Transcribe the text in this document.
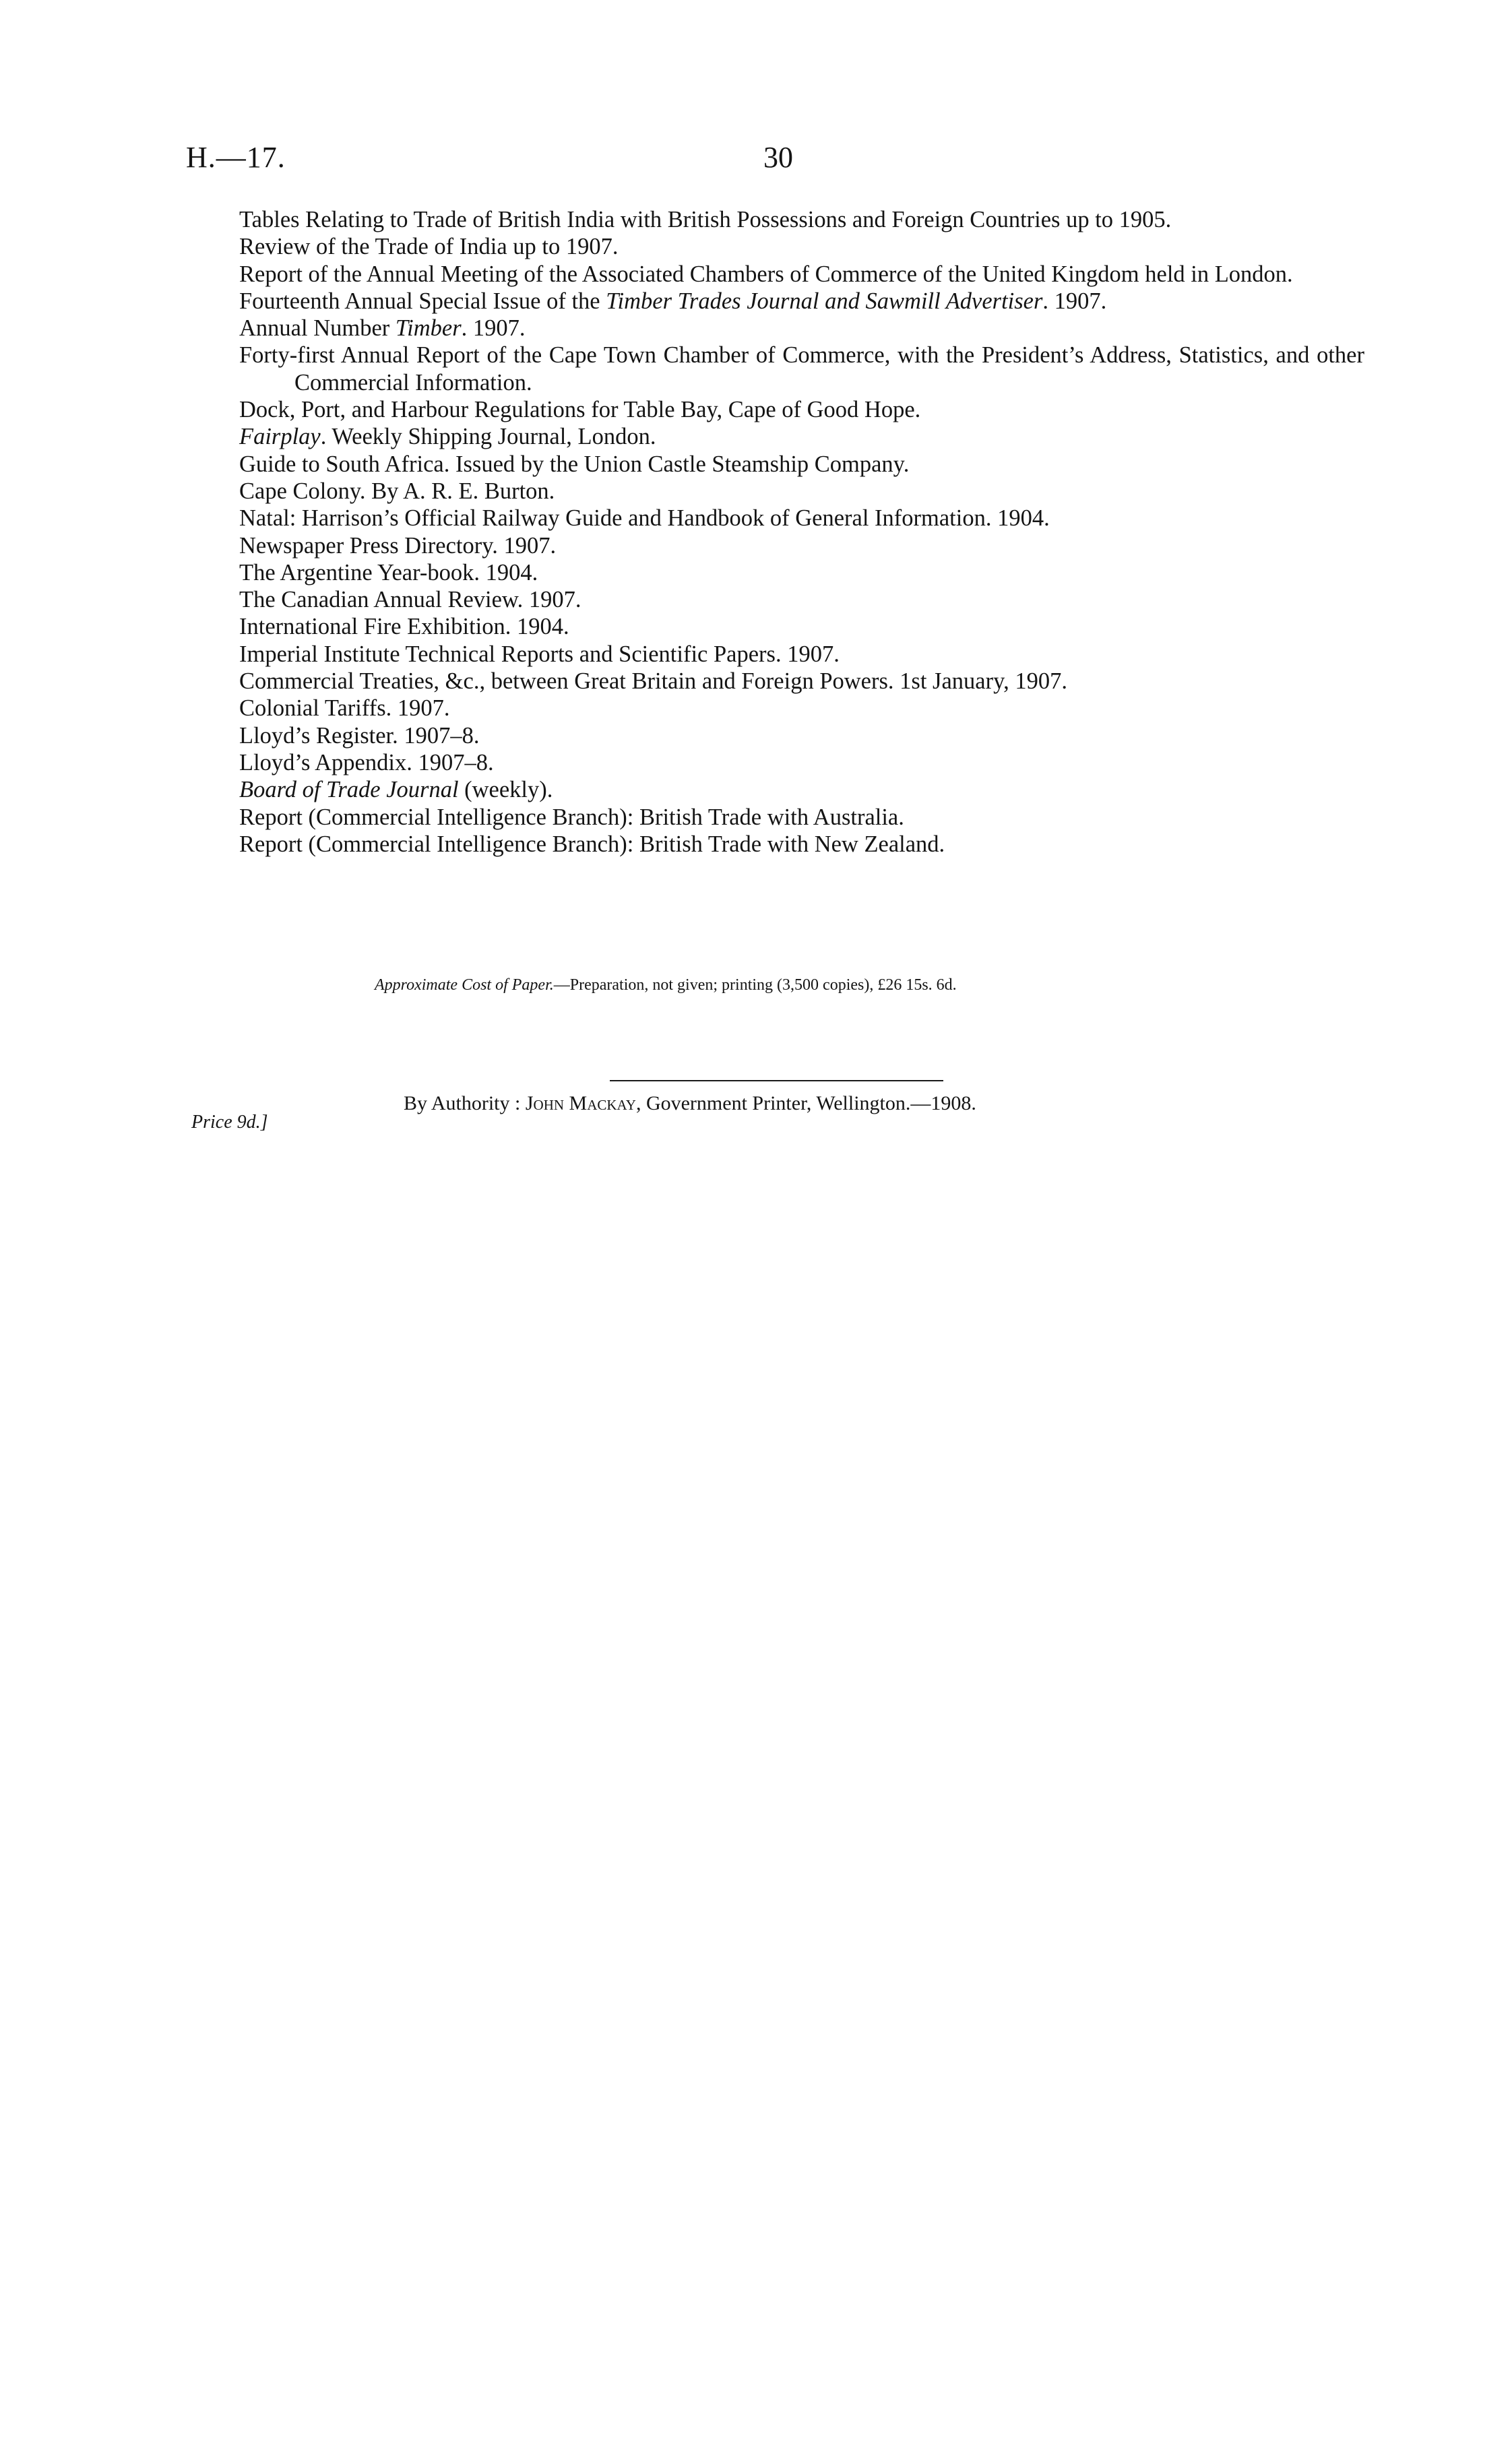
H.—17.	30
Tables Relating to Trade of British India with British Possessions and Foreign Countries up to 1905.
Review of the Trade of India up to 1907.
Report of the Annual Meeting of the Associated Chambers of Commerce of the United Kingdom held in London.
Fourteenth Annual Special Issue of the Timber Trades Journal and Sawmill Advertiser. 1907.
Annual Number Timber. 1907.
Forty-first Annual Report of the Cape Town Chamber of Commerce, with the President’s Address, Statistics, and other Commercial Information.
Dock, Port, and Harbour Regulations for Table Bay, Cape of Good Hope.
Fairplay. Weekly Shipping Journal, London.
Guide to South Africa. Issued by the Union Castle Steamship Company.
Cape Colony. By A. R. E. Burton.
Natal: Harrison’s Official Railway Guide and Handbook of General Information. 1904.
Newspaper Press Directory. 1907.
The Argentine Year-book. 1904.
The Canadian Annual Review. 1907.
International Fire Exhibition. 1904.
Imperial Institute Technical Reports and Scientific Papers. 1907.
Commercial Treaties, &c., between Great Britain and Foreign Powers. 1st January, 1907.
Colonial Tariffs. 1907.
Lloyd’s Register. 1907–8.
Lloyd’s Appendix. 1907–8.
Board of Trade Journal (weekly).
Report (Commercial Intelligence Branch): British Trade with Australia.
Report (Commercial Intelligence Branch): British Trade with New Zealand.
Approximate Cost of Paper.—Preparation, not given; printing (3,500 copies), £26 15s. 6d.
Price 9d.]
By Authority : John Mackay, Government Printer, Wellington.—1908.
